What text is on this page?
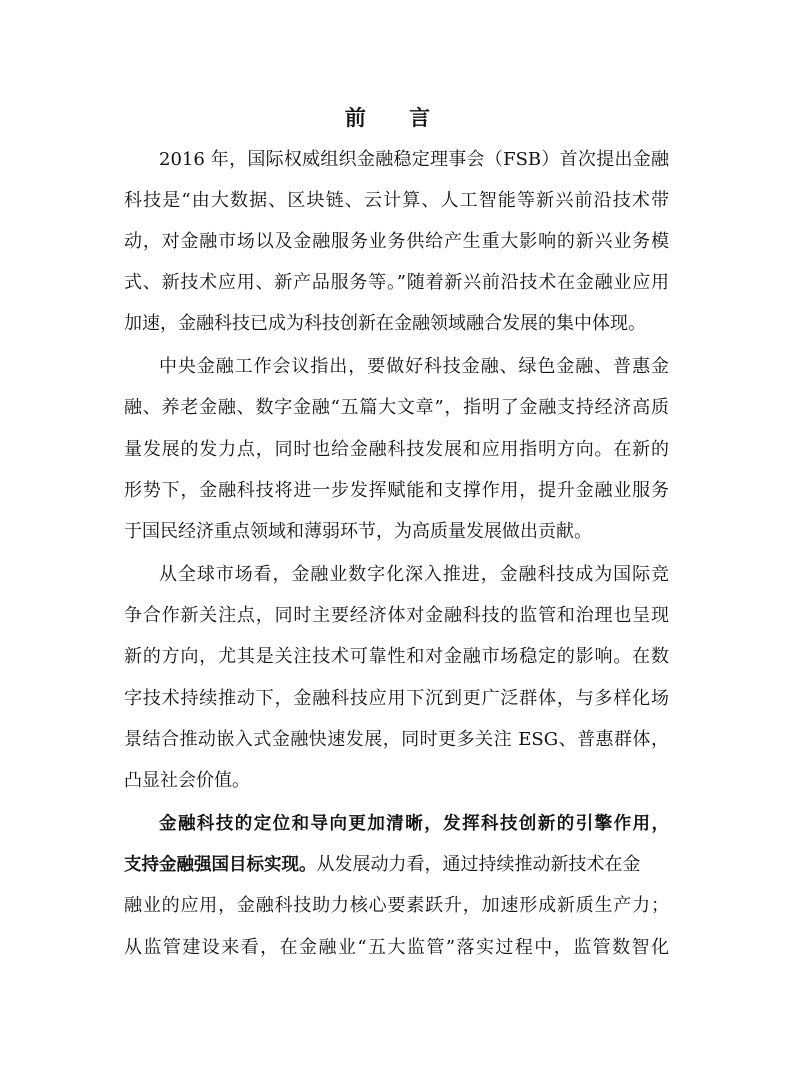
前 言
2016 年，国际权威组织金融稳定理事会（FSB）首次提出金融
科技是“由大数据、区块链、云计算、人工智能等新兴前沿技术带
动，对金融市场以及金融服务业务供给产生重大影响的新兴业务模
式、新技术应用、新产品服务等。”随着新兴前沿技术在金融业应用
加速，金融科技已成为科技创新在金融领域融合发展的集中体现。
中央金融工作会议指出，要做好科技金融、绿色金融、普惠金
融、养老金融、数字金融“五篇大文章”，指明了金融支持经济高质
量发展的发力点，同时也给金融科技发展和应用指明方向。在新的
形势下，金融科技将进一步发挥赋能和支撑作用，提升金融业服务
于国民经济重点领域和薄弱环节，为高质量发展做出贡献。
从全球市场看，金融业数字化深入推进，金融科技成为国际竞
争合作新关注点，同时主要经济体对金融科技的监管和治理也呈现
新的方向，尤其是关注技术可靠性和对金融市场稳定的影响。在数
字技术持续推动下，金融科技应用下沉到更广泛群体，与多样化场
景结合推动嵌入式金融快速发展，同时更多关注 ESG、普惠群体，
凸显社会价值。
金融科技的定位和导向更加清晰，发挥科技创新的引擎作用，
支持金融强国目标实现。从发展动力看，通过持续推动新技术在金
融业的应用，金融科技助力核心要素跃升，加速形成新质生产力；
从监管建设来看，在金融业“五大监管”落实过程中，监管数智化
